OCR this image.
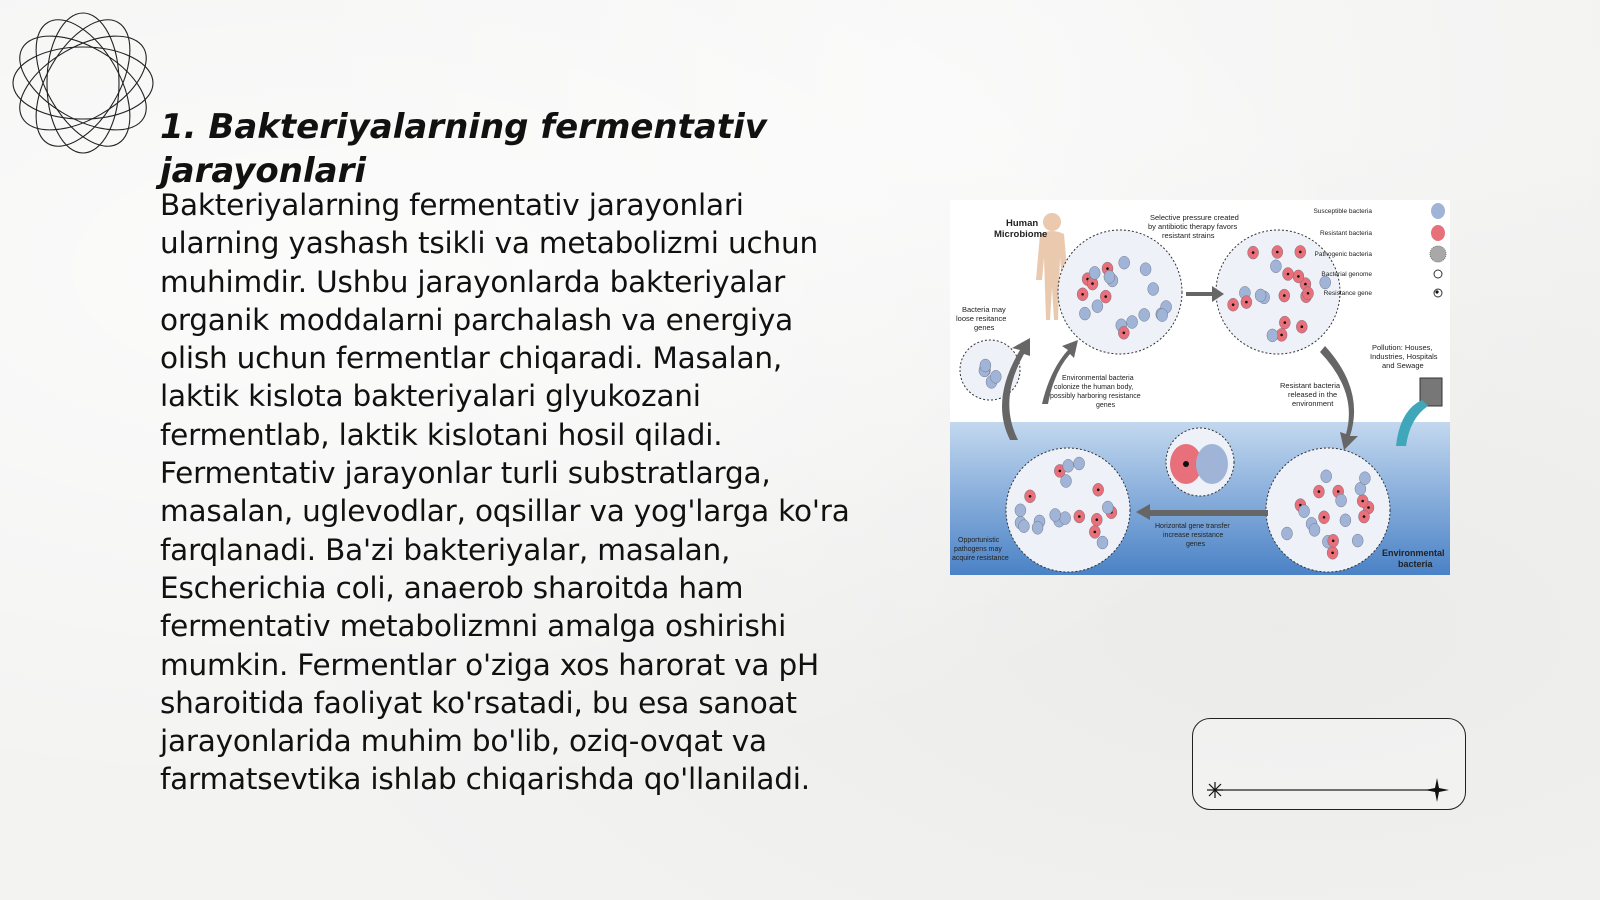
1. Bakteriyalarning fermentativ jarayonlari

Bakteriyalarning fermentativ jarayonlari ularning yashash tsikli va metabolizmi uchun muhimdir. Ushbu jarayonlarda bakteriyalar organik moddalarni parchalash va energiya olish uchun fermentlar chiqaradi. Masalan, laktik kislota bakteriyalari glyukozani fermentlab, laktik kislotani hosil qiladi. Fermentativ jarayonlar turli substratlarga, masalan, uglevodlar, oqsillar va yog'larga ko'ra farqlanadi. Ba'zi bakteriyalar, masalan, Escherichia coli, anaerob sharoitda ham fermentativ metabolizmni amalga oshirishi mumkin. Fermentlar o'ziga xos harorat va pH sharoitida faoliyat ko'rsatadi, bu esa sanoat jarayonlarida muhim bo'lib, oziq-ovqat va farmatsevtika ishlab chiqarishda qo'llaniladi.

Human Microbiome
Selective pressure created by antibiotic therapy favors resistant strains
Bacteria may loose resitance genes
Environmental bacteria colonize the human body, possibly harboring resistance genes
Resistant bacteria released in the environment
Pollution: Houses, Industries, Hospitals and Sewage
Horizontal gene transfer increase resistance genes
Opportunistic pathogens may acquire resistance
Environmental bacteria
Susceptible bacteria
Resistant bacteria
Pathogenic bacteria
Bacterial genome
Resistance gene
